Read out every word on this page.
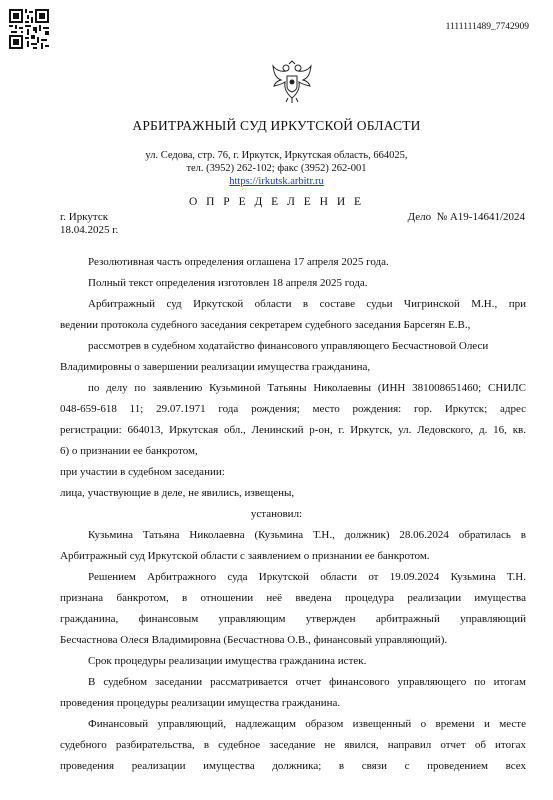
1111111489_7742909
АРБИТРАЖНЫЙ СУД ИРКУТСКОЙ ОБЛАСТИ
ул. Седова, стр. 76, г. Иркутск, Иркутская область, 664025,
тел. (3952) 262-102; факс (3952) 262-001
https://irkutsk.arbitr.ru
О П Р Е Д Е Л Е Н И Е
г. Иркутск
18.04.2025 г.
Дело  № А19-14641/2024
Резолютивная часть определения оглашена 17 апреля 2025 года.
Полный текст определения изготовлен 18 апреля 2025 года.
Арбитражный суд Иркутской области в составе судьи Чигринской М.Н., при
ведении протокола судебного заседания секретарем судебного заседания Барсегян Е.В.,
рассмотрев в судебном ходатайство финансового управляющего Бесчастновой Олеси
Владимировны о завершении реализации имущества гражданина,
по делу по заявлению Кузьминой Татьяны Николаевны (ИНН 381008651460; СНИЛС
048-659-618 11; 29.07.1971 года рождения; место рождения: гор. Иркутск; адрес
регистрации: 664013, Иркутская обл., Ленинский р-он, г. Иркутск, ул. Ледовского, д. 16, кв.
6) о признании ее банкротом,
при участии в судебном заседании:
лица, участвующие в деле, не явились, извещены,
установил:
Кузьмина Татьяна Николаевна (Кузьмина Т.Н., должник) 28.06.2024 обратилась в
Арбитражный суд Иркутской области с заявлением о признании ее банкротом.
Решением Арбитражного суда Иркутской области от 19.09.2024 Кузьмина Т.Н.
признана банкротом, в отношении неё введена процедура реализации имущества
гражданина, финансовым управляющим утвержден арбитражный управляющий
Бесчастнова Олеся Владимировна (Бесчастнова О.В., финансовый управляющий).
Срок процедуры реализации имущества гражданина истек.
В судебном заседании рассматривается отчет финансового управляющего по итогам
проведения процедуры реализации имущества гражданина.
Финансовый управляющий, надлежащим образом извещенный о времени и месте
судебного разбирательства, в судебное заседание не явился, направил отчет об итогах
проведения реализации имущества должника; в связи с проведением всех
